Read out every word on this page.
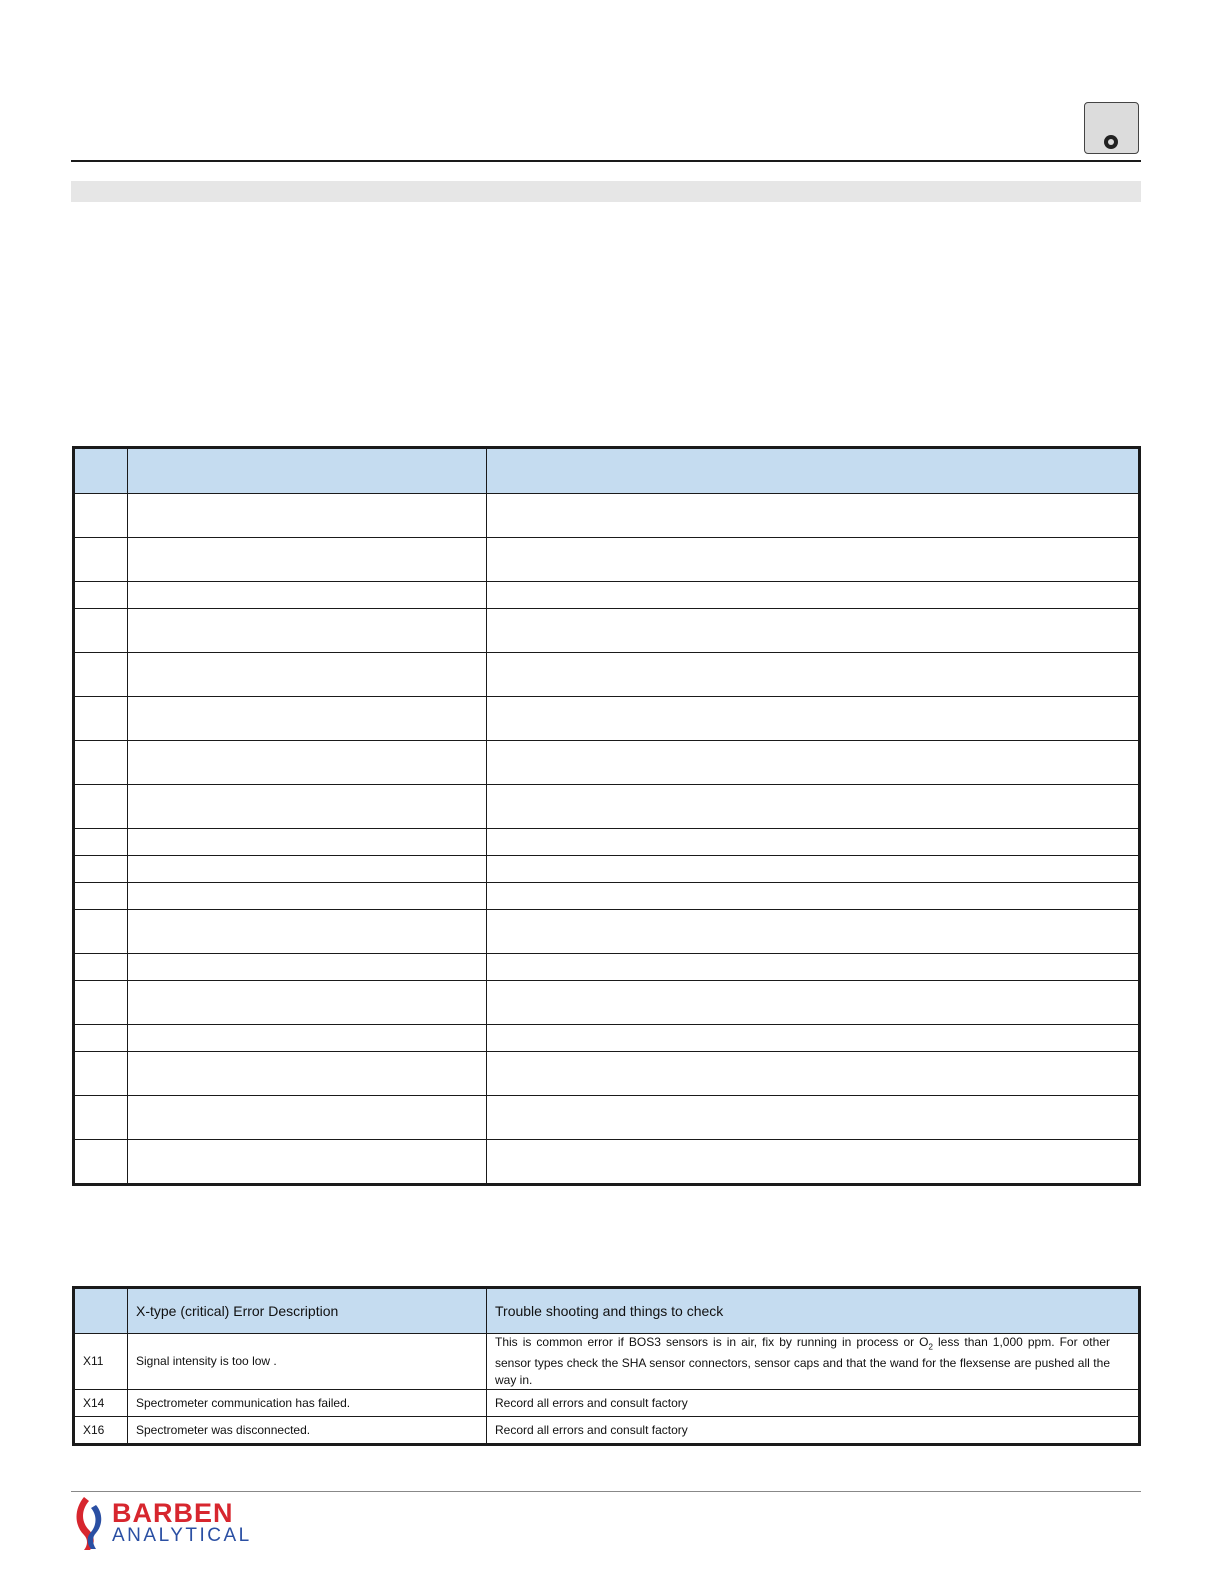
	X-type (critical) Error Description	Trouble shooting and things to check
X11	Signal intensity is too low .	This is common error if BOS3 sensors is in air, fix by running in process or $O_2$ less than 1,000 ppm. For other sensor types check the SHA sensor connectors, sensor caps and that the wand for the flexsense are pushed all the way in.
X14	Spectrometer communication has failed.	Record all errors and consult factory
X16	Spectrometer was disconnected.	Record all errors and consult factory
BARBEN
ANALYTICAL
